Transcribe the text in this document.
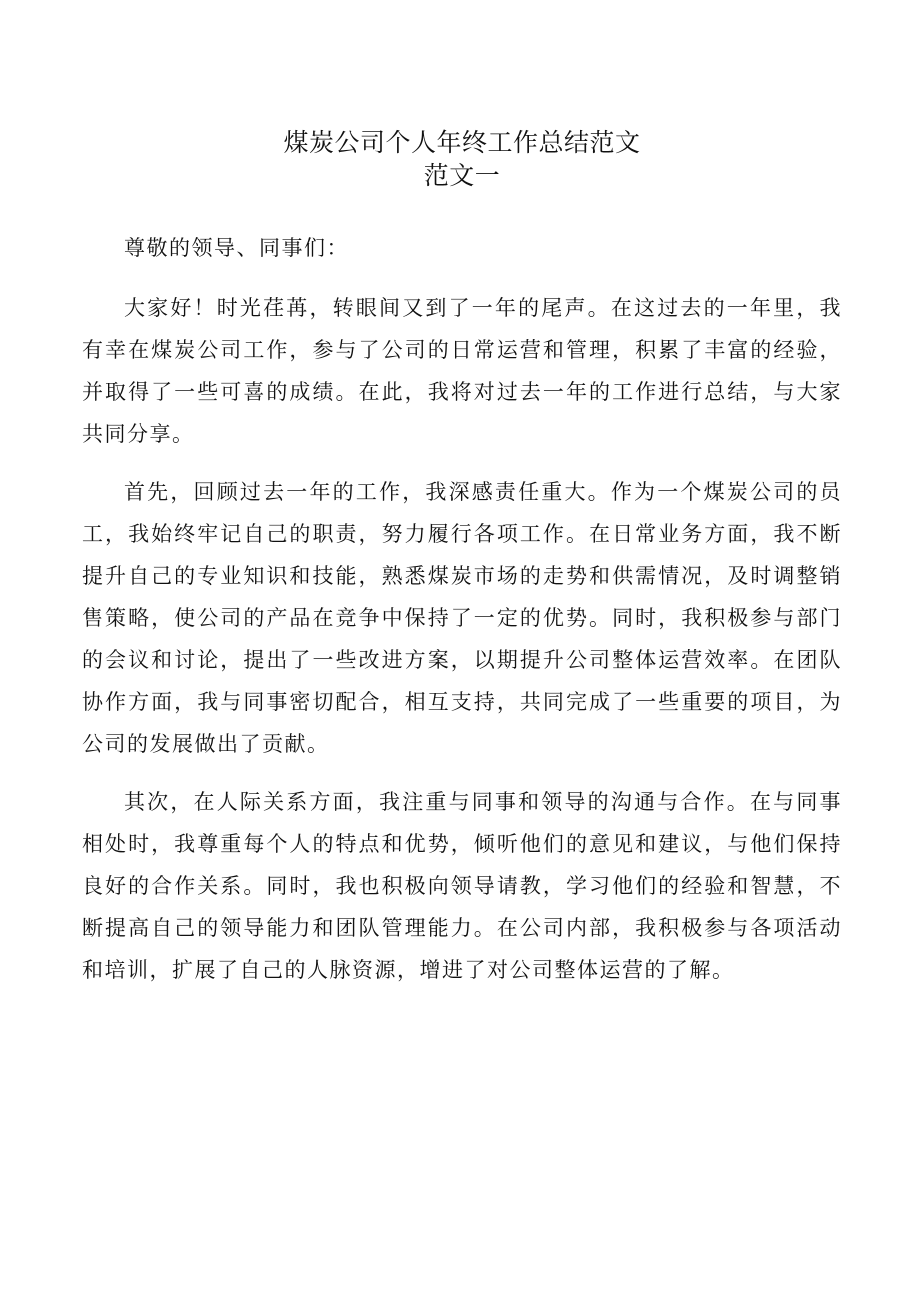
煤炭公司个人年终工作总结范文
范文一

尊敬的领导、同事们：

大家好！时光荏苒，转眼间又到了一年的尾声。在这过去的一年里，我有幸在煤炭公司工作，参与了公司的日常运营和管理，积累了丰富的经验，并取得了一些可喜的成绩。在此，我将对过去一年的工作进行总结，与大家共同分享。

首先，回顾过去一年的工作，我深感责任重大。作为一个煤炭公司的员工，我始终牢记自己的职责，努力履行各项工作。在日常业务方面，我不断提升自己的专业知识和技能，熟悉煤炭市场的走势和供需情况，及时调整销售策略，使公司的产品在竞争中保持了一定的优势。同时，我积极参与部门的会议和讨论，提出了一些改进方案，以期提升公司整体运营效率。在团队协作方面，我与同事密切配合，相互支持，共同完成了一些重要的项目，为公司的发展做出了贡献。

其次，在人际关系方面，我注重与同事和领导的沟通与合作。在与同事相处时，我尊重每个人的特点和优势，倾听他们的意见和建议，与他们保持良好的合作关系。同时，我也积极向领导请教，学习他们的经验和智慧，不断提高自己的领导能力和团队管理能力。在公司内部，我积极参与各项活动和培训，扩展了自己的人脉资源，增进了对公司整体运营的了解。
